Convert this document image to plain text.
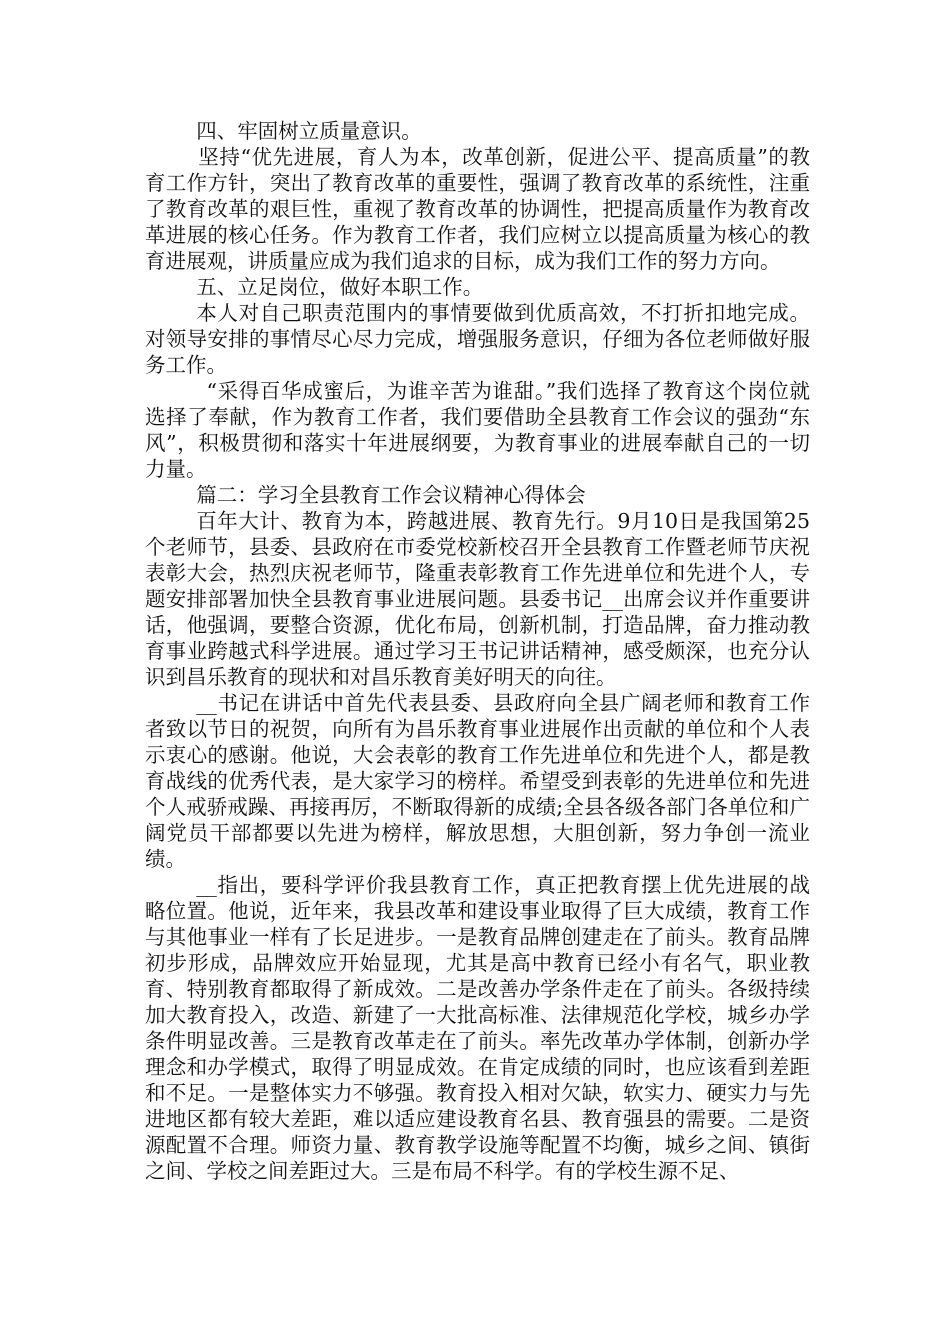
四、牢固树立质量意识。

坚持“优先进展，育人为本，改革创新，促进公平、提高质量”的教育工作方针，突出了教育改革的重要性，强调了教育改革的系统性，注重了教育改革的艰巨性，重视了教育改革的协调性，把提高质量作为教育改革进展的核心任务。作为教育工作者，我们应树立以提高质量为核心的教育进展观，讲质量应成为我们追求的目标，成为我们工作的努力方向。

五、立足岗位，做好本职工作。

本人对自己职责范围内的事情要做到优质高效，不打折扣地完成。对领导安排的事情尽心尽力完成，增强服务意识，仔细为各位老师做好服务工作。

“采得百华成蜜后，为谁辛苦为谁甜。”我们选择了教育这个岗位就选择了奉献，作为教育工作者，我们要借助全县教育工作会议的强劲“东风”，积极贯彻和落实十年进展纲要，为教育事业的进展奉献自己的一切力量。

篇二：学习全县教育工作会议精神心得体会

百年大计、教育为本，跨越进展、教育先行。9月10日是我国第25个老师节，县委、县政府在市委党校新校召开全县教育工作暨老师节庆祝表彰大会，热烈庆祝老师节，隆重表彰教育工作先进单位和先进个人，专题安排部署加快全县教育事业进展问题。县委书记__出席会议并作重要讲话，他强调，要整合资源，优化布局，创新机制，打造品牌，奋力推动教育事业跨越式科学进展。通过学习王书记讲话精神，感受颇深，也充分认识到昌乐教育的现状和对昌乐教育美好明天的向往。

__书记在讲话中首先代表县委、县政府向全县广阔老师和教育工作者致以节日的祝贺，向所有为昌乐教育事业进展作出贡献的单位和个人表示衷心的感谢。他说，大会表彰的教育工作先进单位和先进个人，都是教育战线的优秀代表，是大家学习的榜样。希望受到表彰的先进单位和先进个人戒骄戒躁、再接再厉，不断取得新的成绩;全县各级各部门各单位和广阔党员干部都要以先进为榜样，解放思想，大胆创新，努力争创一流业绩。

__指出，要科学评价我县教育工作，真正把教育摆上优先进展的战略位置。他说，近年来，我县改革和建设事业取得了巨大成绩，教育工作与其他事业一样有了长足进步。一是教育品牌创建走在了前头。教育品牌初步形成，品牌效应开始显现，尤其是高中教育已经小有名气，职业教育、特别教育都取得了新成效。二是改善办学条件走在了前头。各级持续加大教育投入，改造、新建了一大批高标准、法律规范化学校，城乡办学条件明显改善。三是教育改革走在了前头。率先改革办学体制，创新办学理念和办学模式，取得了明显成效。在肯定成绩的同时，也应该看到差距和不足。一是整体实力不够强。教育投入相对欠缺，软实力、硬实力与先进地区都有较大差距，难以适应建设教育名县、教育强县的需要。二是资源配置不合理。师资力量、教育教学设施等配置不均衡，城乡之间、镇街之间、学校之间差距过大。三是布局不科学。有的学校生源不足、
